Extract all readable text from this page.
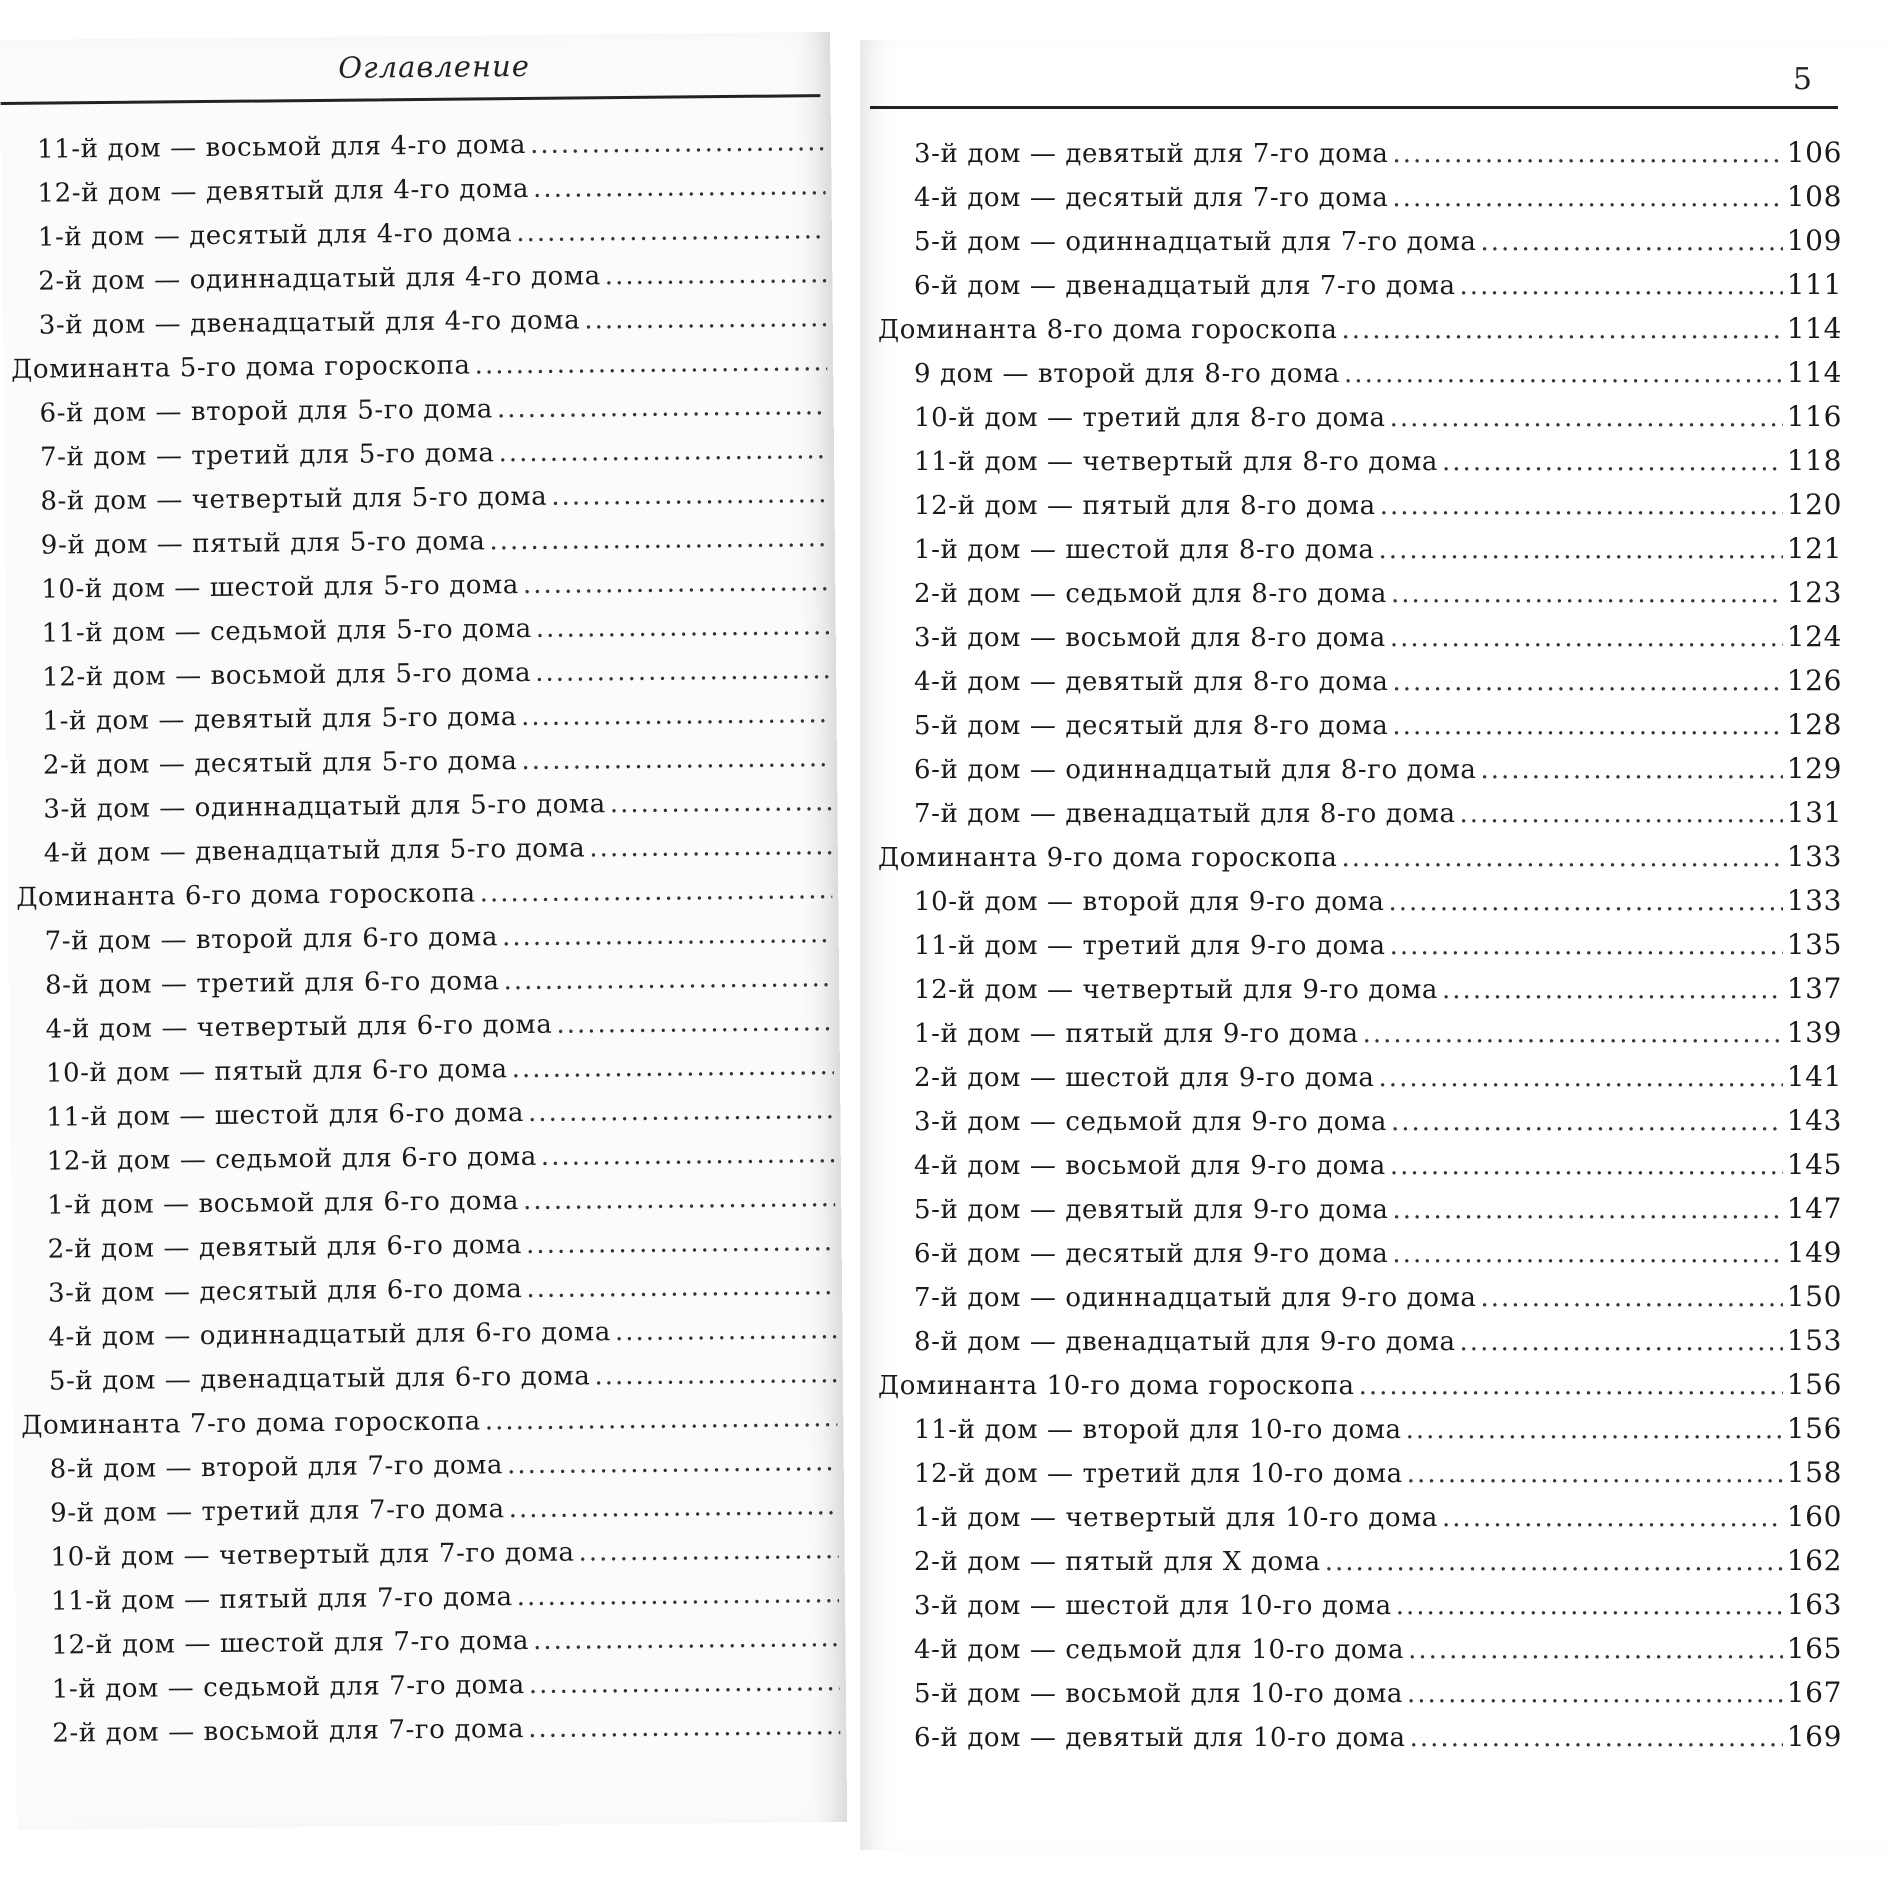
Оглавление
11-й дом — восьмой для 4-го дома
.....
12-й дом — девятый для 4-го дома
.....
1-й дом — десятый для 4-го дома
.....
2-й дом — одиннадцатый для 4-го дома
.....
3-й дом — двенадцатый для 4-го дома
.....
Доминанта 5-го дома гороскопа
.....
6-й дом — второй для 5-го дома
.....
7-й дом — третий для 5-го дома
.....
8-й дом — четвертый для 5-го дома
.....
9-й дом — пятый для 5-го дома
.....
10-й дом — шестой для 5-го дома
.....
11-й дом — седьмой для 5-го дома
.....
12-й дом — восьмой для 5-го дома
.....
1-й дом — девятый для 5-го дома
.....
2-й дом — десятый для 5-го дома
.....
3-й дом — одиннадцатый для 5-го дома
.....
4-й дом — двенадцатый для 5-го дома
.....
Доминанта 6-го дома гороскопа
.....
7-й дом — второй для 6-го дома
.....
8-й дом — третий для 6-го дома
.....
4-й дом — четвертый для 6-го дома
.....
10-й дом — пятый для 6-го дома
.....
11-й дом — шестой для 6-го дома
.....
12-й дом — седьмой для 6-го дома
.....
1-й дом — восьмой для 6-го дома
.....
2-й дом — девятый для 6-го дома
.....
3-й дом — десятый для 6-го дома
.....
4-й дом — одиннадцатый для 6-го дома
.....
5-й дом — двенадцатый для 6-го дома
.....
Доминанта 7-го дома гороскопа
.....
8-й дом — второй для 7-го дома
.....
9-й дом — третий для 7-го дома
.....
10-й дом — четвертый для 7-го дома
.....
11-й дом — пятый для 7-го дома
.....
12-й дом — шестой для 7-го дома
.....
1-й дом — седьмой для 7-го дома
.....
2-й дом — восьмой для 7-го дома
.....
5
3-й дом — девятый для 7-го дома .....	106
4-й дом — десятый для 7-го дома .....	108
5-й дом — одиннадцатый для 7-го дома .....	109
6-й дом — двенадцатый для 7-го дома .....	111
Доминанта 8-го дома гороскопа .....	114
9 дом — второй для 8-го дома .....	114
10-й дом — третий для 8-го дома .....	116
11-й дом — четвертый для 8-го дома .....	118
12-й дом — пятый для 8-го дома .....	120
1-й дом — шестой для 8-го дома .....	121
2-й дом — седьмой для 8-го дома .....	123
3-й дом — восьмой для 8-го дома .....	124
4-й дом — девятый для 8-го дома .....	126
5-й дом — десятый для 8-го дома .....	128
6-й дом — одиннадцатый для 8-го дома .....	129
7-й дом — двенадцатый для 8-го дома .....	131
Доминанта 9-го дома гороскопа .....	133
10-й дом — второй для 9-го дома .....	133
11-й дом — третий для 9-го дома .....	135
12-й дом — четвертый для 9-го дома .....	137
1-й дом — пятый для 9-го дома .....	139
2-й дом — шестой для 9-го дома .....	141
3-й дом — седьмой для 9-го дома .....	143
4-й дом — восьмой для 9-го дома .....	145
5-й дом — девятый для 9-го дома .....	147
6-й дом — десятый для 9-го дома .....	149
7-й дом — одиннадцатый для 9-го дома .....	150
8-й дом — двенадцатый для 9-го дома .....	153
Доминанта 10-го дома гороскопа .....	156
11-й дом — второй для 10-го дома .....	156
12-й дом — третий для 10-го дома .....	158
1-й дом — четвертый для 10-го дома .....	160
2-й дом — пятый для X дома .....	162
3-й дом — шестой для 10-го дома .....	163
4-й дом — седьмой для 10-го дома .....	165
5-й дом — восьмой для 10-го дома .....	167
6-й дом — девятый для 10-го дома .....	169
